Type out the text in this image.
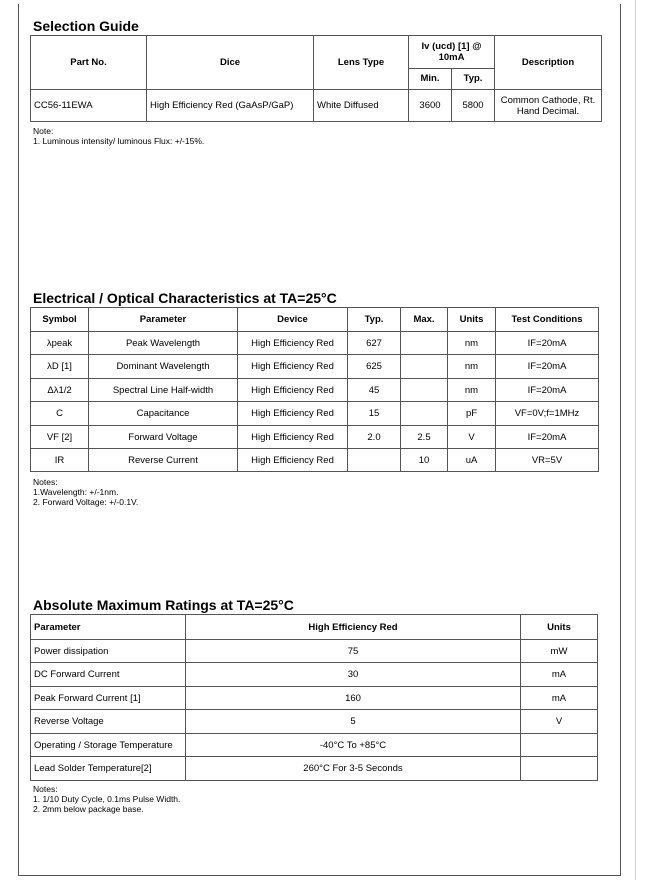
Selection Guide
Part No.	Dice	Lens Type	Iv (ucd) [1] @ 10mA		Description
			Min.	Typ.	
CC56-11EWA	High Efficiency Red (GaAsP/GaP)	White Diffused	3600	5800	Common Cathode, Rt. Hand Decimal.
Note:
1. Luminous intensity/ luminous Flux: +/-15%.
Electrical / Optical Characteristics at TA=25°C
Symbol	Parameter	Device	Typ.	Max.	Units	Test Conditions
λpeak	Peak Wavelength	High Efficiency Red	627		nm	IF=20mA
λD [1]	Dominant Wavelength	High Efficiency Red	625		nm	IF=20mA
Δλ1/2	Spectral Line Half-width	High Efficiency Red	45		nm	IF=20mA
C	Capacitance	High Efficiency Red	15		pF	VF=0V;f=1MHz
VF [2]	Forward Voltage	High Efficiency Red	2.0	2.5	V	IF=20mA
IR	Reverse Current	High Efficiency Red		10	uA	VR=5V
Notes:
1.Wavelength: +/-1nm.
2. Forward Voltage: +/-0.1V.
Absolute Maximum Ratings at TA=25°C
Parameter	High Efficiency Red	Units
Power dissipation	75	mW
DC Forward Current	30	mA
Peak Forward Current [1]	160	mA
Reverse Voltage	5	V
Operating / Storage Temperature	-40°C To +85°C	
Lead Solder Temperature[2]	260°C For 3-5 Seconds	
Notes:
1. 1/10 Duty Cycle, 0.1ms Pulse Width.
2. 2mm below package base.
